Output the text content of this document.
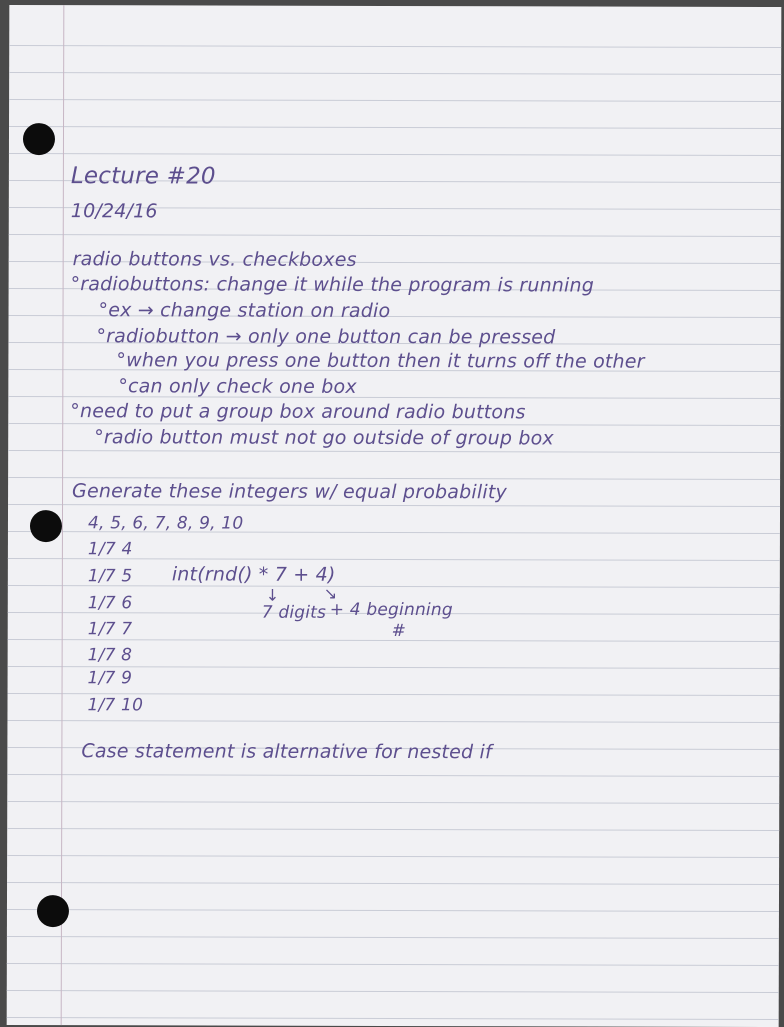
Lecture #20

10/24/16

radio buttons vs. checkboxes

°radiobuttons: change it while the program is running

°ex → change station on radio

°radiobutton → only one button can be pressed

°when you press one button then it turns off the other

°can only check one box

°need to put a group box around radio buttons

°radio button must not go outside of group box

Generate these integers w/ equal probability

4, 5, 6, 7, 8, 9, 10

1/7 4

1/7 5

1/7 6

1/7 7

1/7 8

1/7 9

1/7 10

int(rnd() * 7 + 4)

↓	↘

7 digits + 4 beginning

#

Case statement is alternative for nested if
